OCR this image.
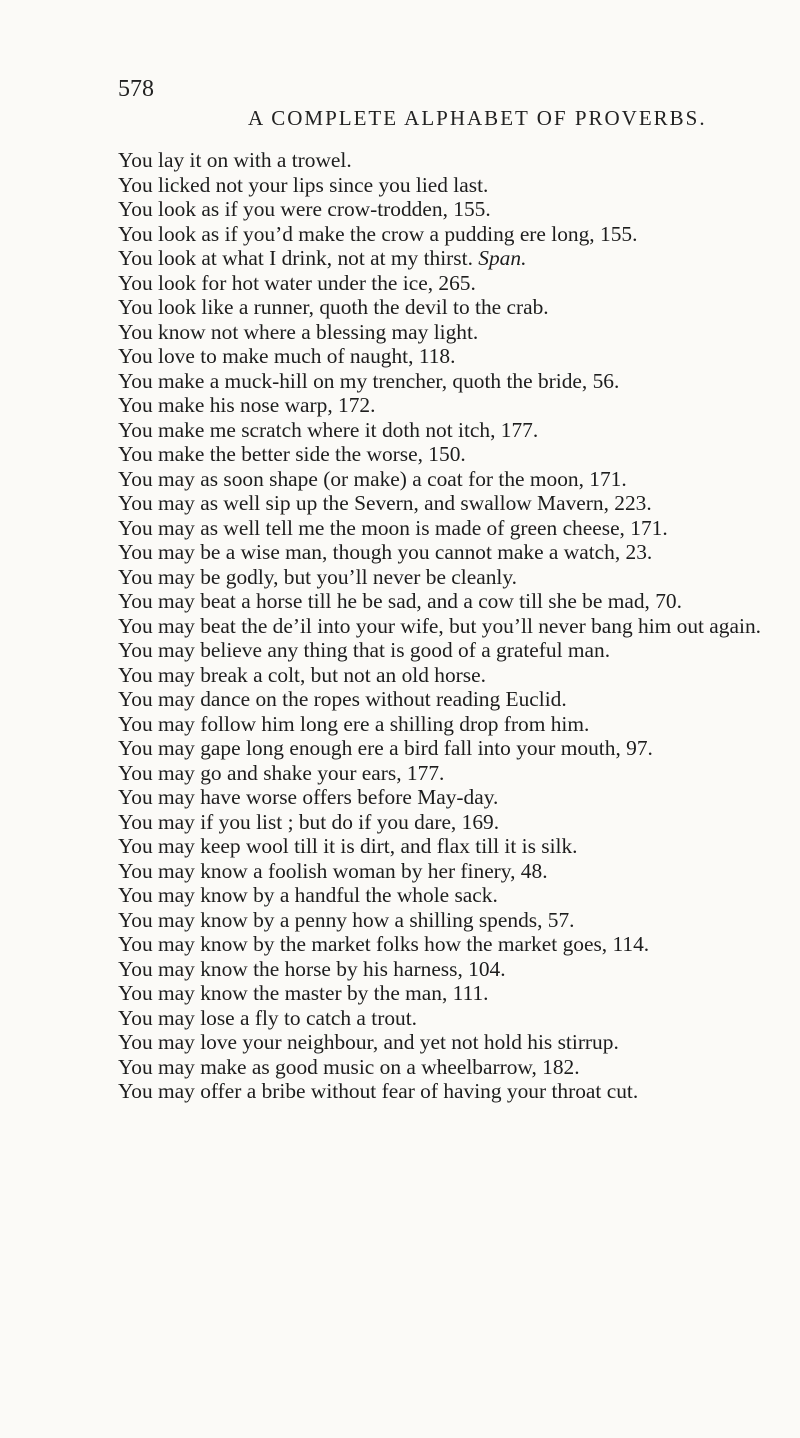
578
A COMPLETE ALPHABET OF PROVERBS.
You lay it on with a trowel.
You licked not your lips since you lied last.
You look as if you were crow-trodden, 155.
You look as if you’d make the crow a pudding ere long, 155.
You look at what I drink, not at my thirst. Span.
You look for hot water under the ice, 265.
You look like a runner, quoth the devil to the crab.
You know not where a blessing may light.
You love to make much of naught, 118.
You make a muck-hill on my trencher, quoth the bride, 56.
You make his nose warp, 172.
You make me scratch where it doth not itch, 177.
You make the better side the worse, 150.
You may as soon shape (or make) a coat for the moon, 171.
You may as well sip up the Severn, and swallow Mavern, 223.
You may as well tell me the moon is made of green cheese, 171.
You may be a wise man, though you cannot make a watch, 23.
You may be godly, but you’ll never be cleanly.
You may beat a horse till he be sad, and a cow till she be mad, 70.
You may beat the de’il into your wife, but you’ll never bang him out again.
You may believe any thing that is good of a grateful man.
You may break a colt, but not an old horse.
You may dance on the ropes without reading Euclid.
You may follow him long ere a shilling drop from him.
You may gape long enough ere a bird fall into your mouth, 97.
You may go and shake your ears, 177.
You may have worse offers before May-day.
You may if you list ; but do if you dare, 169.
You may keep wool till it is dirt, and flax till it is silk.
You may know a foolish woman by her finery, 48.
You may know by a handful the whole sack.
You may know by a penny how a shilling spends, 57.
You may know by the market folks how the market goes, 114.
You may know the horse by his harness, 104.
You may know the master by the man, 111.
You may lose a fly to catch a trout.
You may love your neighbour, and yet not hold his stirrup.
You may make as good music on a wheelbarrow, 182.
You may offer a bribe without fear of having your throat cut.
